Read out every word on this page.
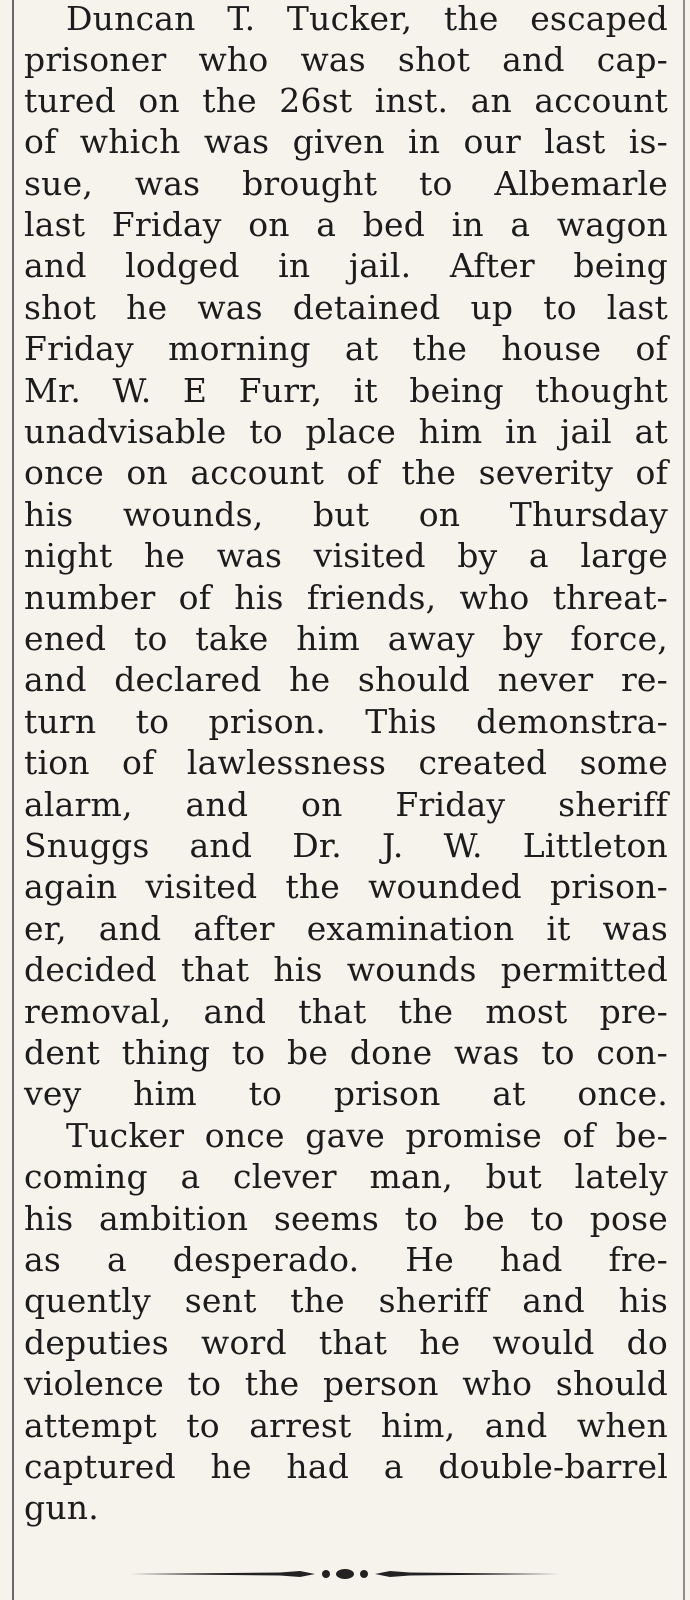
Duncan T. Tucker, the escaped
prisoner who was shot and cap-
tured on the 26st inst. an account
of which was given in our last is-
sue, was brought to Albemarle
last Friday on a bed in a wagon
and lodged in jail. After being
shot he was detained up to last
Friday morning at the house of
Mr. W. E Furr, it being thought
unadvisable to place him in jail at
once on account of the severity of
his wounds, but on Thursday
night he was visited by a large
number of his friends, who threat-
ened to take him away by force,
and declared he should never re-
turn to prison. This demonstra-
tion of lawlessness created some
alarm, and on Friday sheriff
Snuggs and Dr. J. W. Littleton
again visited the wounded prison-
er, and after examination it was
decided that his wounds permitted
removal, and that the most pre-
dent thing to be done was to con-
vey him to prison at once.
Tucker once gave promise of be-
coming a clever man, but lately
his ambition seems to be to pose
as a desperado. He had fre-
quently sent the sheriff and his
deputies word that he would do
violence to the person who should
attempt to arrest him, and when
captured he had a double-barrel
gun.
